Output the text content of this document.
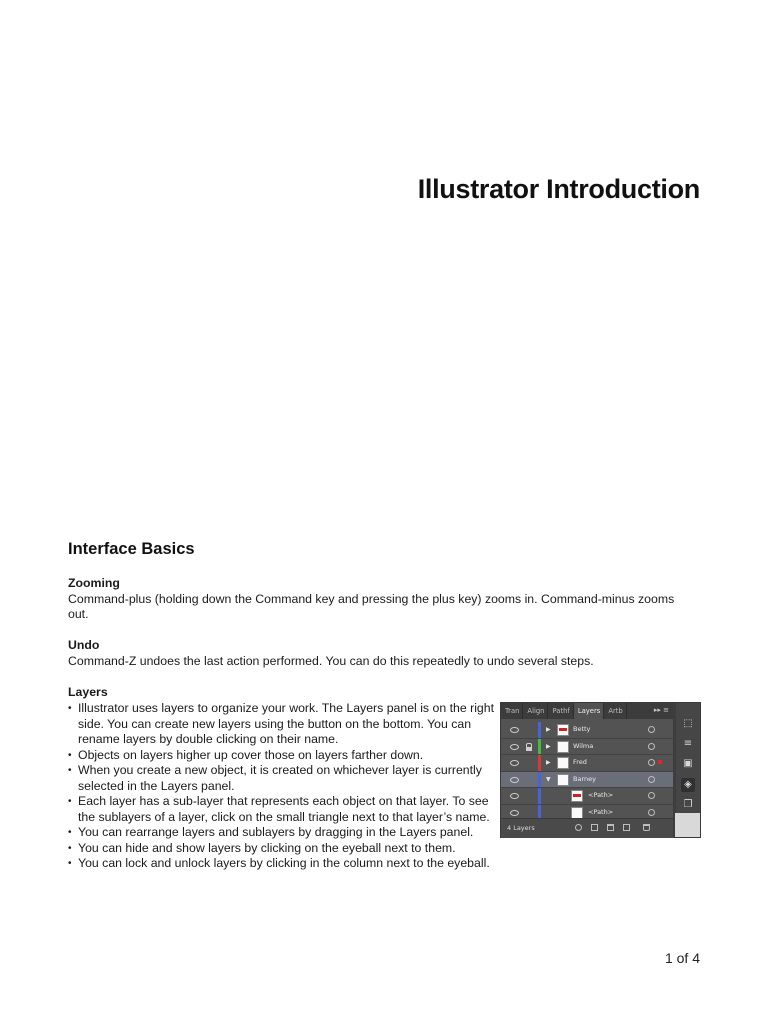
Illustrator Introduction
Interface Basics
Zooming

Command-plus (holding down the Command key and pressing the plus key) zooms in. Command-minus zooms out.

Undo

Command-Z undoes the last action performed. You can do this repeatedly to undo several steps.

Layers
• Illustrator uses layers to organize your work. The Layers panel is on the right side. You can create new layers using the button on the bottom. You can rename layers by double clicking on their name.
• Objects on layers higher up cover those on layers farther down.
• When you create a new object, it is created on whichever layer is currently selected in the Layers panel.
• Each layer has a sub-layer that represents each object on that layer. To see the sublayers of a layer, click on the small triangle next to that layer’s name.
• You can rearrange layers and sublayers by dragging in the Layers panel.
• You can hide and show layers by clicking on the eyeball next to them.
• You can lock and unlock layers by clicking in the column next to the eyeball.
Tran	Align	Pathf	Layers	Artb	▸▸ ≡
▶	Betty
▶	Wilma
▶	Fred
▼	Barney
<Path>
<Path>
4 Layers
⬚
≡
▣
◈
❐
1 of 4
